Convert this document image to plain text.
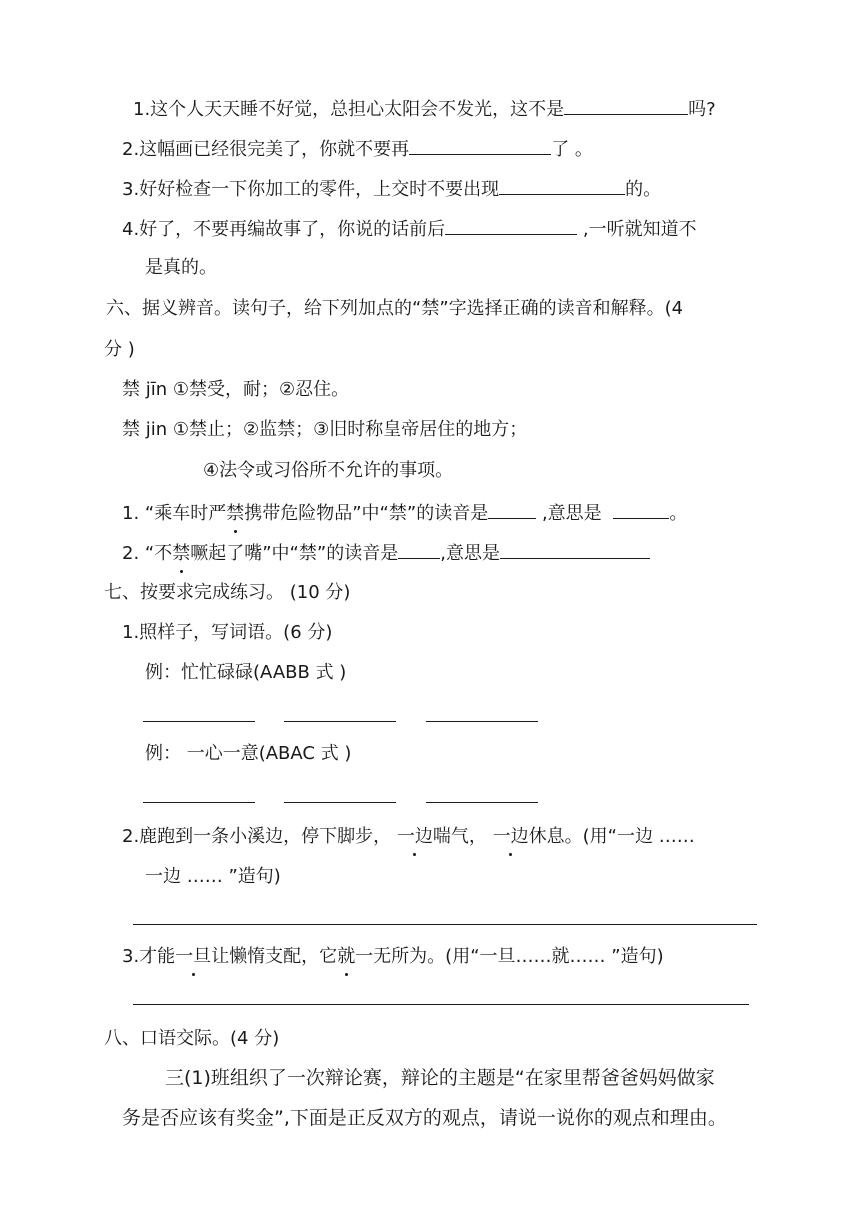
1.这个人天天睡不好觉，总担心太阳会不发光，这不是	吗?
2.这幅画已经很完美了，你就不要再	了 。
3.好好检查一下你加工的零件，上交时不要出现	的。
4.好了，不要再编故事了，你说的话前后	,一听就知道不
是真的。
六、据义辨音。读句子，给下列加点的“禁”字选择正确的读音和解释。(4
分 )
禁 jīn ①禁受，耐；②忍住。
禁 jin ①禁止；②监禁；③旧时称皇帝居住的地方；
④法令或习俗所不允许的事项。
1. “乘车时严禁携带危险物品”中“禁”的读音是	,意思是	。
2. “不禁噘起了嘴”中“禁”的读音是 ,意思是
七、按要求完成练习。 (10 分)
1.照样子，写词语。(6 分)
例：忙忙碌碌(AABB 式 )
例： 一心一意(ABAC 式 )
2.鹿跑到一条小溪边，停下脚步， 一边喘气， 一边休息。(用“一边 ……
一边 …… ”造句)
3.才能一旦让懒惰支配，它就一无所为。(用“一旦……就…… ”造句)
八、口语交际。(4 分)
三(1)班组织了一次辩论赛，辩论的主题是“在家里帮爸爸妈妈做家
务是否应该有奖金”,下面是正反双方的观点，请说一说你的观点和理由。
